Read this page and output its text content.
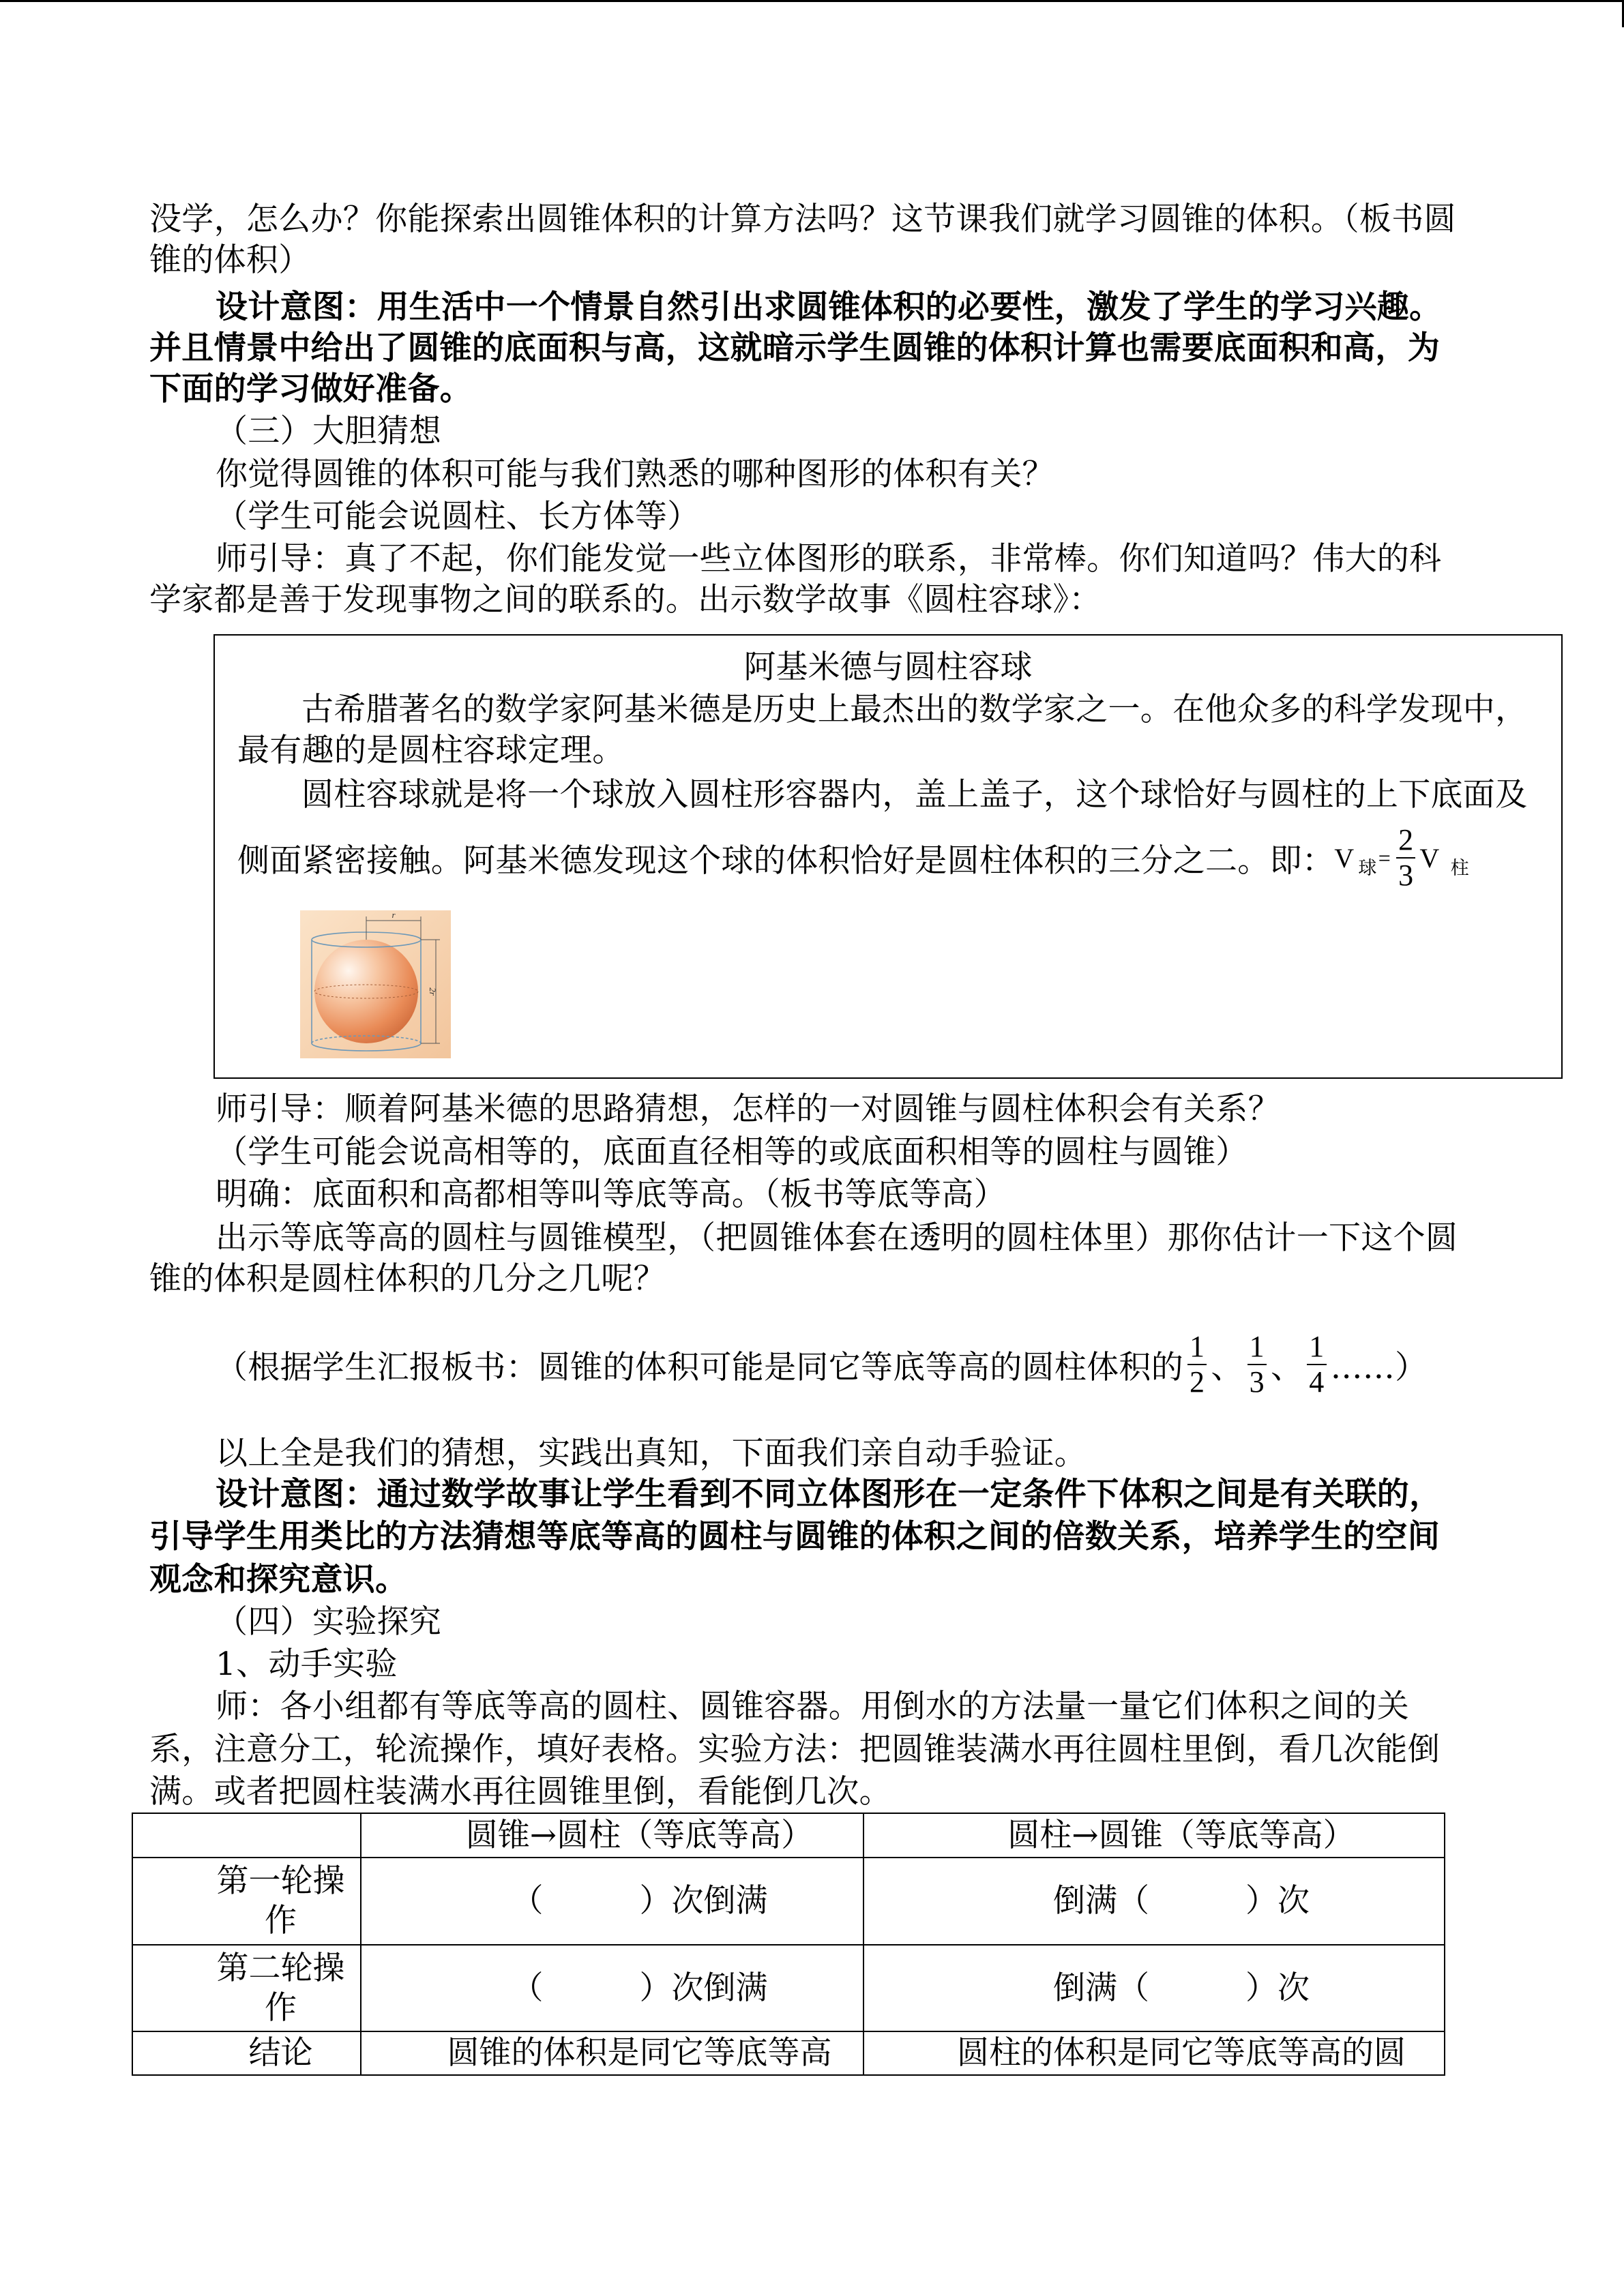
没学，怎么办？你能探索出圆锥体积的计算方法吗？这节课我们就学习圆锥的体积。（板书圆
锥的体积）
设计意图：用生活中一个情景自然引出求圆锥体积的必要性，激发了学生的学习兴趣。
并且情景中给出了圆锥的底面积与高，这就暗示学生圆锥的体积计算也需要底面积和高，为
下面的学习做好准备。
（三）大胆猜想
你觉得圆锥的体积可能与我们熟悉的哪种图形的体积有关？
（学生可能会说圆柱、长方体等）
师引导：真了不起，你们能发觉一些立体图形的联系，非常棒。你们知道吗？伟大的科
学家都是善于发现事物之间的联系的。出示数学故事《圆柱容球》：
阿基米德与圆柱容球
古希腊著名的数学家阿基米德是历史上最杰出的数学家之一。在他众多的科学发现中，
最有趣的是圆柱容球定理。
圆柱容球就是将一个球放入圆柱形容器内，盖上盖子，这个球恰好与圆柱的上下底面及
侧面紧密接触。阿基米德发现这个球的体积恰好是圆柱体积的三分之二。即： V 球 = $\frac{2}{3}$ V 柱
r
2r
师引导：顺着阿基米德的思路猜想，怎样的一对圆锥与圆柱体积会有关系？
（学生可能会说高相等的，底面直径相等的或底面积相等的圆柱与圆锥）
明确：底面积和高都相等叫等底等高。（板书等底等高）
出示等底等高的圆柱与圆锥模型，（把圆锥体套在透明的圆柱体里）那你估计一下这个圆
锥的体积是圆柱体积的几分之几呢？
（根据学生汇报板书：圆锥的体积可能是同它等底等高的圆柱体积的 $\frac{1}{2}$ 、 $\frac{1}{3}$ 、 $\frac{1}{4}$ ……）
以上全是我们的猜想，实践出真知，下面我们亲自动手验证。
设计意图：通过数学故事让学生看到不同立体图形在一定条件下体积之间是有关联的，
引导学生用类比的方法猜想等底等高的圆柱与圆锥的体积之间的倍数关系，培养学生的空间
观念和探究意识。
（四）实验探究
1、动手实验
师：各小组都有等底等高的圆柱、圆锥容器。用倒水的方法量一量它们体积之间的关
系，注意分工，轮流操作，填好表格。实验方法：把圆锥装满水再往圆柱里倒，看几次能倒
满。或者把圆柱装满水再往圆锥里倒，看能倒几次。
	圆锥→圆柱（等底等高）	圆柱→圆锥（等底等高）
第一轮操作	（　　　）次倒满	倒满（　　　）次
第二轮操作	（　　　）次倒满	倒满（　　　）次
结论	圆锥的体积是同它等底等高	圆柱的体积是同它等底等高的圆
